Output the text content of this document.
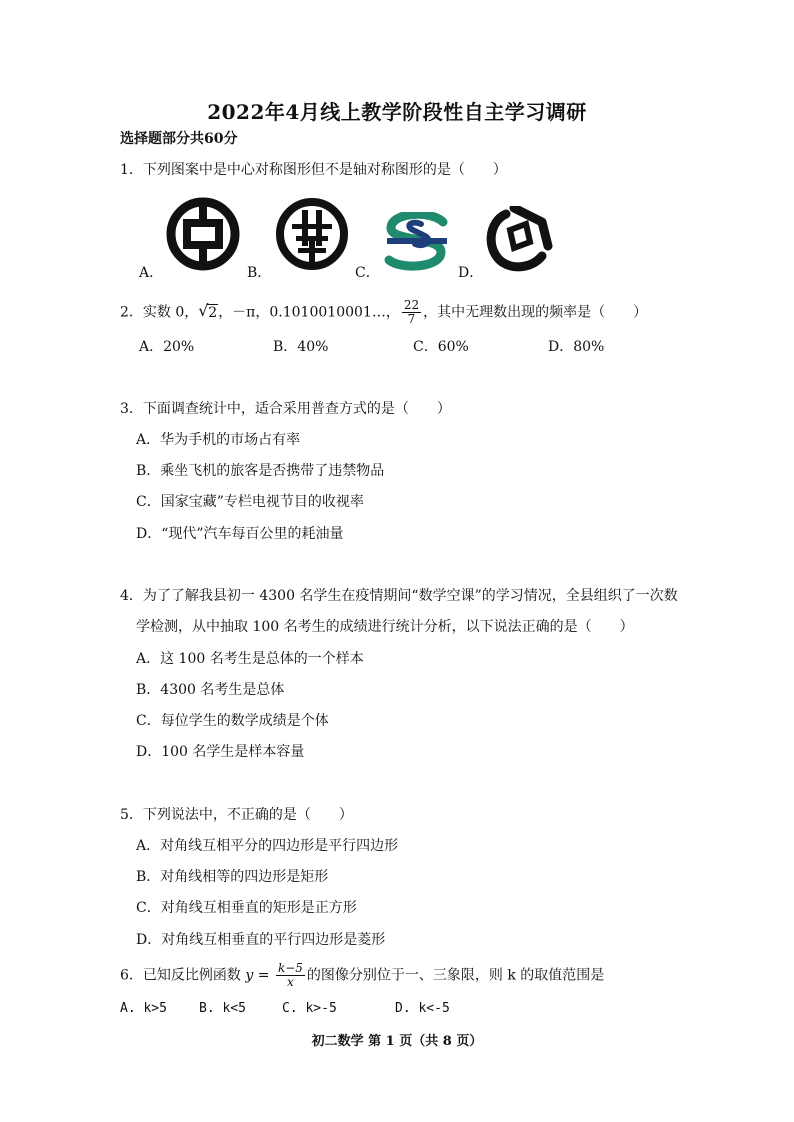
2022年4月线上教学阶段性自主学习调研
选择题部分共60分
1．下列图案中是中心对称图形但不是轴对称图形的是（　　）
A．	B．	C．	D．
2．实数 0， √ 2，－π，0.1010010001…， $\frac{22}{7}$ ，其中无理数出现的频率是（　　）
A．20%	B．40%	C．60%	D．80%
3．下面调查统计中，适合采用普查方式的是（　　）
A．华为手机的市场占有率
B．乘坐飞机的旅客是否携带了违禁物品
C．国家宝藏”专栏电视节目的收视率
D．“现代”汽车每百公里的耗油量
4．为了了解我县初一 4300 名学生在疫情期间“数学空课”的学习情况，全县组织了一次数
学检测，从中抽取 100 名考生的成绩进行统计分析，以下说法正确的是（　　）
A．这 100 名考生是总体的一个样本
B．4300 名考生是总体
C．每位学生的数学成绩是个体
D．100 名学生是样本容量
5．下列说法中，不正确的是（　　）
A．对角线互相平分的四边形是平行四边形
B．对角线相等的四边形是矩形
C．对角线互相垂直的矩形是正方形
D．对角线互相垂直的平行四边形是菱形
6．已知反比例函数 $y = \frac{k-5}{x}$ 的图像分别位于一、三象限，则 k 的取值范围是
A. k>5 B. k<5	C. k>-5	D. k<-5
初二数学 第 1 页（共 8 页）
